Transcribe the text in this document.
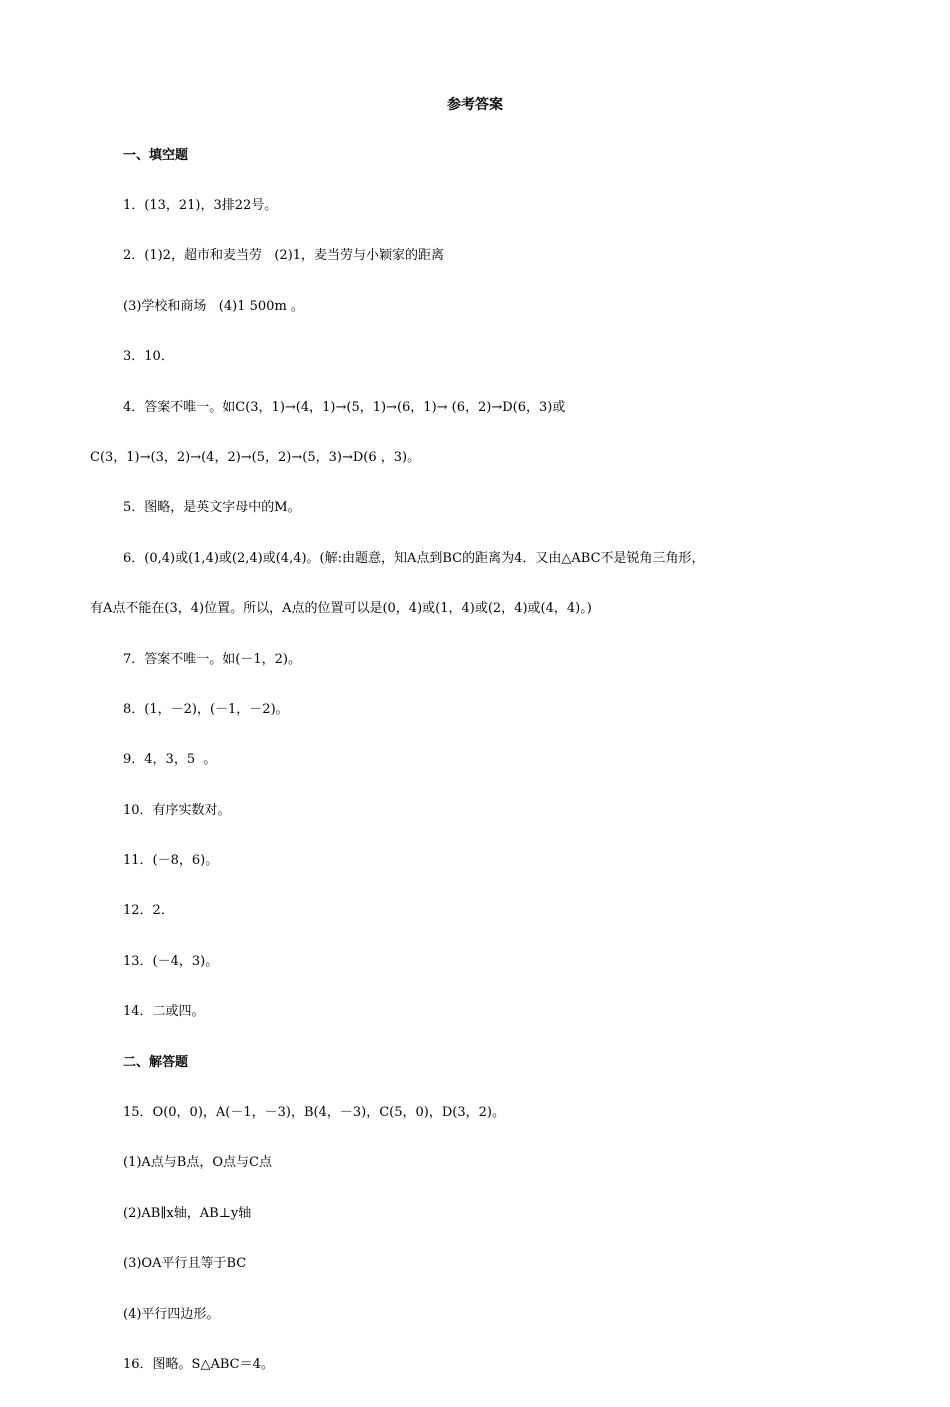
参考答案

一、填空题

1．(13，21)，3排22号。

2．(1)2，超市和麦当劳   (2)1，麦当劳与小颖家的距离

(3)学校和商场   (4)1 500m 。

3．10．

4．答案不唯一。如C(3，1)→(4，1)→(5，1)→(6，1)→ (6，2)→D(6，3)或

C(3，1)→(3，2)→(4，2)→(5，2)→(5，3)→D(6 ，3)。

5．图略，是英文字母中的M。

6．(0,4)或(1,4)或(2,4)或(4,4)。(解:由题意，知A点到BC的距离为4．又由△ABC不是锐角三角形，

有A点不能在(3，4)位置。所以，A点的位置可以是(0，4)或(1，4)或(2，4)或(4，4)。)

7．答案不唯一。如(－1，2)。

8．(1，－2)，(－1，－2)。

9．4，3，5  。

10．有序实数对。

11．(－8，6)。

12．2．

13．(－4，3)。

14．二或四。

二、解答题

15．O(0，0)，A(－1，－3)，B(4，－3)，C(5，0)，D(3，2)。

(1)A点与B点，O点与C点

(2)AB∥x轴，AB⊥y轴

(3)OA平行且等于BC

(4)平行四边形。

16．图略。S△ABC＝4。
